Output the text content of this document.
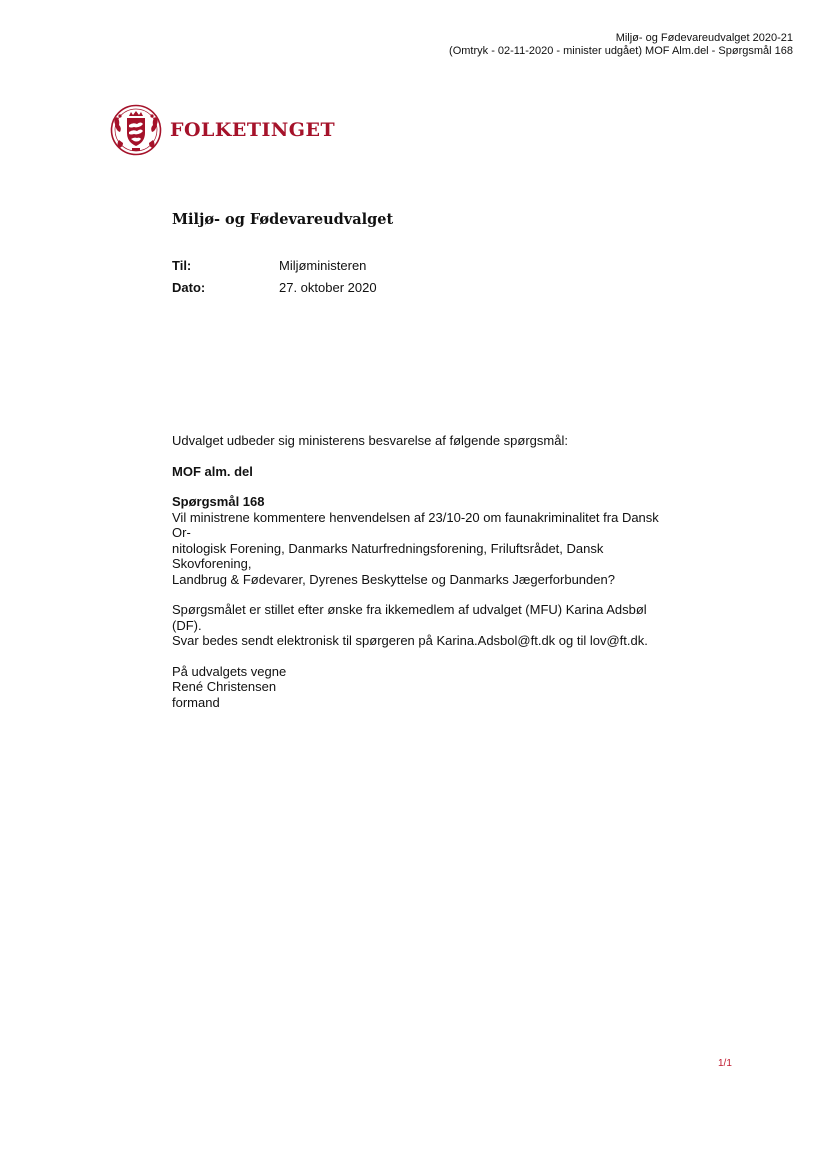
Miljø- og Fødevareudvalget 2020-21
(Omtryk - 02-11-2020 - minister udgået) MOF Alm.del - Spørgsmål 168
FOLKETINGET
Miljø- og Fødevareudvalget
Til:	Miljøministeren
Dato:	27. oktober 2020

Udvalget udbeder sig ministerens besvarelse af følgende spørgsmål:

MOF alm. del

Spørgsmål 168

Vil ministrene kommentere henvendelsen af 23/10-20 om faunakriminalitet fra Dansk Or-
nitologisk Forening, Danmarks Naturfredningsforening, Friluftsrådet, Dansk Skovforening,
Landbrug & Fødevarer, Dyrenes Beskyttelse og Danmarks Jægerforbunden?
Spørgsmålet er stillet efter ønske fra ikkemedlem af udvalget (MFU) Karina Adsbøl (DF).
Svar bedes sendt elektronisk til spørgeren på Karina.Adsbol@ft.dk og til lov@ft.dk.
På udvalgets vegne
René Christensen
formand
1/1
